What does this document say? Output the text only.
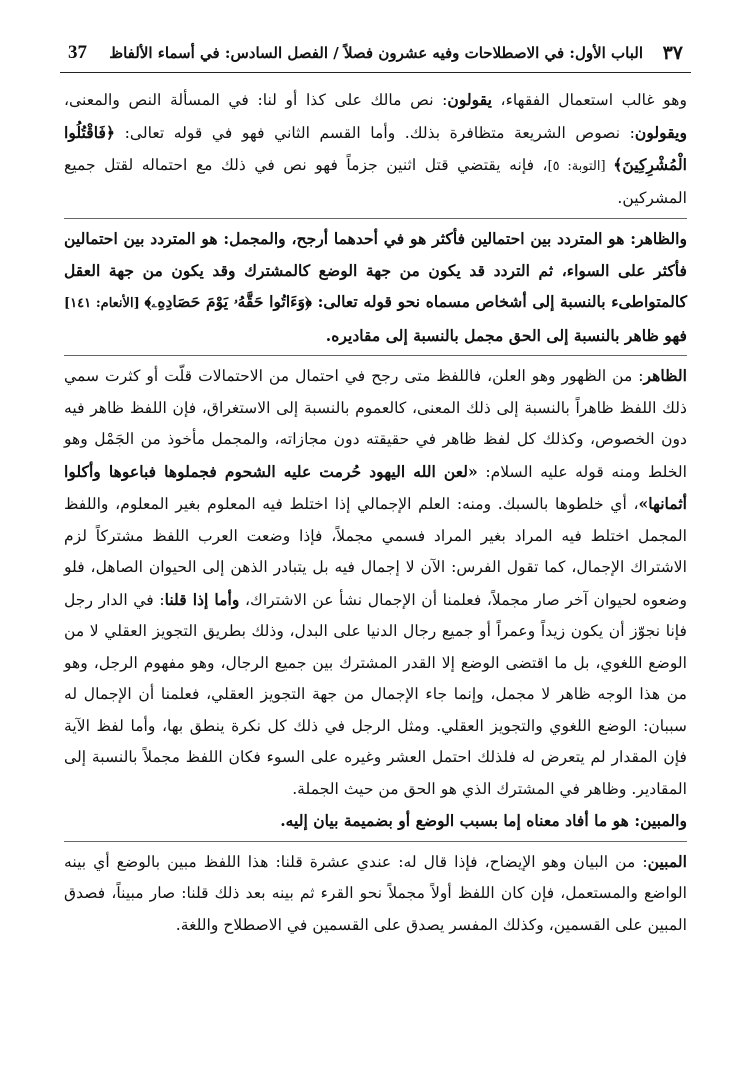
37 الباب الأول: في الاصطلاحات وفيه عشرون فصلاً / الفصل السادس: في أسماء الألفاظ ٣٧

وهو غالب استعمال الفقهاء، يقولون: نص مالك على كذا أو لنا: في المسألة النص والمعنى، ويقولون: نصوص الشريعة متظافرة بذلك. وأما القسم الثاني فهو في قوله تعالى: ﴿فَاقْتُلُوا الْمُشْرِكِينَ﴾ [التوبة: ٥]، فإنه يقتضي قتل اثنين جزماً فهو نص في ذلك مع احتماله لقتل جميع المشركين.

والظاهر: هو المتردد بين احتمالين فأكثر هو في أحدهما أرجح، والمجمل: هو المتردد بين احتمالين فأكثر على السواء، ثم التردد قد يكون من جهة الوضع كالمشترك وقد يكون من جهة العقل كالمتواطىء بالنسبة إلى أشخاص مسماه نحو قوله تعالى: ﴿وَءَاتُوا حَقَّهُۥ يَوْمَ حَصَادِهِۦ﴾ [الأنعام: ١٤١] فهو ظاهر بالنسبة إلى الحق مجمل بالنسبة إلى مقاديره.

الظاهر: من الظهور وهو العلن، فاللفظ متى رجح في احتمال من الاحتمالات قلّت أو كثرت سمي ذلك اللفظ ظاهراً بالنسبة إلى ذلك المعنى، كالعموم بالنسبة إلى الاستغراق، فإن اللفظ ظاهر فيه دون الخصوص، وكذلك كل لفظ ظاهر في حقيقته دون مجازاته، والمجمل مأخوذ من الجَمْل وهو الخلط ومنه قوله عليه السلام: «لعن الله اليهود حُرمت عليه الشحوم فجملوها فباعوها وأكلوا أثمانها»، أي خلطوها بالسبك. ومنه: العلم الإجمالي إذا اختلط فيه المعلوم بغير المعلوم، واللفظ المجمل اختلط فيه المراد بغير المراد فسمي مجملاً، فإذا وضعت العرب اللفظ مشتركاً لزم الاشتراك الإجمال، كما تقول الفرس: الآن لا إجمال فيه بل يتبادر الذهن إلى الحيوان الصاهل، فلو وضعوه لحيوان آخر صار مجملاً، فعلمنا أن الإجمال نشأ عن الاشتراك، وأما إذا قلنا: في الدار رجل فإنا نجوّز أن يكون زيداً وعمراً أو جميع رجال الدنيا على البدل، وذلك بطريق التجويز العقلي لا من الوضع اللغوي، بل ما اقتضى الوضع إلا القدر المشترك بين جميع الرجال، وهو مفهوم الرجل، وهو من هذا الوجه ظاهر لا مجمل، وإنما جاء الإجمال من جهة التجويز العقلي، فعلمنا أن الإجمال له سببان: الوضع اللغوي والتجويز العقلي. ومثل الرجل في ذلك كل نكرة ينطق بها، وأما لفظ الآية فإن المقدار لم يتعرض له فلذلك احتمل العشر وغيره على السوء فكان اللفظ مجملاً بالنسبة إلى المقادير. وظاهر في المشترك الذي هو الحق من حيث الجملة.

والمبين: هو ما أفاد معناه إما بسبب الوضع أو بضميمة بيان إليه.

المبين: من البيان وهو الإيضاح، فإذا قال له: عندي عشرة قلنا: هذا اللفظ مبين بالوضع أي بينه الواضع والمستعمل، فإن كان اللفظ أولاً مجملاً نحو القرء ثم بينه بعد ذلك قلنا: صار مبيناً، فصدق المبين على القسمين، وكذلك المفسر يصدق على القسمين في الاصطلاح واللغة.
